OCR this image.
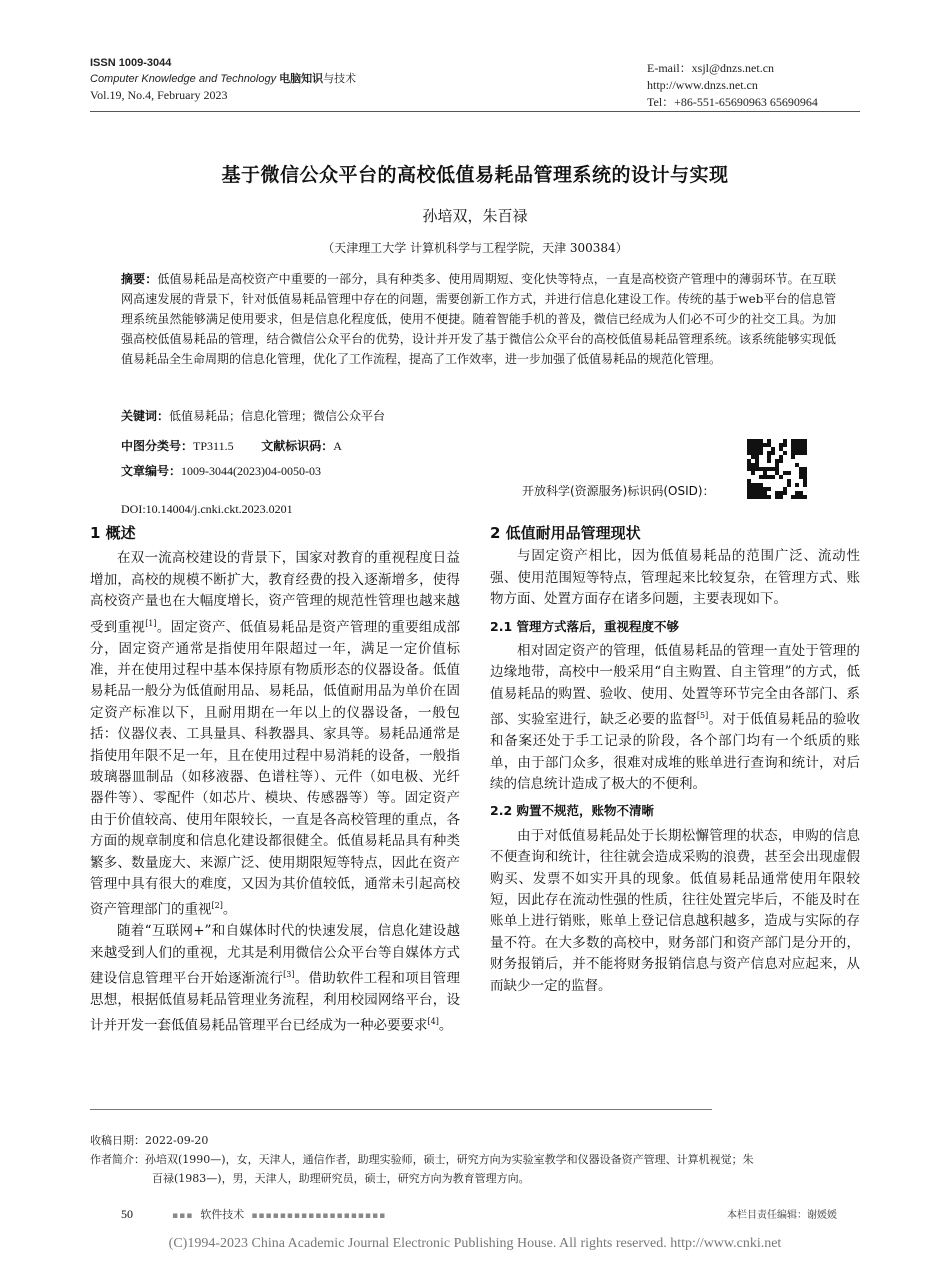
ISSN 1009-3044
Computer Knowledge and Technology 电脑知识与技术
Vol.19, No.4, February 2023
E-mail：xsjl@dnzs.net.cn
http://www.dnzs.net.cn
Tel：+86-551-65690963 65690964
基于微信公众平台的高校低值易耗品管理系统的设计与实现
孙培双，朱百禄
（天津理工大学 计算机科学与工程学院，天津 300384）
摘要：低值易耗品是高校资产中重要的一部分，具有种类多、使用周期短、变化快等特点，一直是高校资产管理中的薄弱环节。在互联网高速发展的背景下，针对低值易耗品管理中存在的问题，需要创新工作方式，并进行信息化建设工作。传统的基于web平台的信息管理系统虽然能够满足使用要求，但是信息化程度低，使用不便捷。随着智能手机的普及，微信已经成为人们必不可少的社交工具。为加强高校低值易耗品的管理，结合微信公众平台的优势，设计并开发了基于微信公众平台的高校低值易耗品管理系统。该系统能够实现低值易耗品全生命周期的信息化管理，优化了工作流程，提高了工作效率，进一步加强了低值易耗品的规范化管理。
关键词：低值易耗品；信息化管理；微信公众平台
中图分类号：TP311.5 文献标识码：A
文章编号：1009-3044(2023)04-0050-03
开放科学(资源服务)标识码(OSID)：
DOI:10.14004/j.cnki.ckt.2023.0201
1 概述

在双一流高校建设的背景下，国家对教育的重视程度日益增加，高校的规模不断扩大，教育经费的投入逐渐增多，使得高校资产量也在大幅度增长，资产管理的规范性管理也越来越受到重视[1]。固定资产、低值易耗品是资产管理的重要组成部分，固定资产通常是指使用年限超过一年，满足一定价值标准，并在使用过程中基本保持原有物质形态的仪器设备。低值易耗品一般分为低值耐用品、易耗品，低值耐用品为单价在固定资产标准以下，且耐用期在一年以上的仪器设备，一般包括：仪器仪表、工具量具、科教器具、家具等。易耗品通常是指使用年限不足一年，且在使用过程中易消耗的设备，一般指玻璃器皿制品（如移液器、色谱柱等）、元件（如电极、光纤器件等）、零配件（如芯片、模块、传感器等）等。固定资产由于价值较高、使用年限较长，一直是各高校管理的重点，各方面的规章制度和信息化建设都很健全。低值易耗品具有种类繁多、数量庞大、来源广泛、使用期限短等特点，因此在资产管理中具有很大的难度，又因为其价值较低，通常未引起高校资产管理部门的重视[2]。

随着“互联网+”和自媒体时代的快速发展，信息化建设越来越受到人们的重视，尤其是利用微信公众平台等自媒体方式建设信息管理平台开始逐渐流行[3]。借助软件工程和项目管理思想，根据低值易耗品管理业务流程，利用校园网络平台，设计并开发一套低值易耗品管理平台已经成为一种必要要求[4]。

2 低值耐用品管理现状

与固定资产相比，因为低值易耗品的范围广泛、流动性强、使用范围短等特点，管理起来比较复杂，在管理方式、账物方面、处置方面存在诸多问题，主要表现如下。

2.1 管理方式落后，重视程度不够

相对固定资产的管理，低值易耗品的管理一直处于管理的边缘地带，高校中一般采用“自主购置、自主管理”的方式，低值易耗品的购置、验收、使用、处置等环节完全由各部门、系部、实验室进行，缺乏必要的监督[5]。对于低值易耗品的验收和备案还处于手工记录的阶段，各个部门均有一个纸质的账单，由于部门众多，很难对成堆的账单进行查询和统计，对后续的信息统计造成了极大的不便利。

2.2 购置不规范，账物不清晰

由于对低值易耗品处于长期松懈管理的状态，申购的信息不便查询和统计，往往就会造成采购的浪费，甚至会出现虚假购买、发票不如实开具的现象。低值易耗品通常使用年限较短，因此存在流动性强的性质，往往处置完毕后，不能及时在账单上进行销账，账单上登记信息越积越多，造成与实际的存量不符。在大多数的高校中，财务部门和资产部门是分开的，财务报销后，并不能将财务报销信息与资产信息对应起来，从而缺少一定的监督。

收稿日期：2022-09-20
作者简介：孙培双(1990—)，女，天津人，通信作者，助理实验师，硕士，研究方向为实验室教学和仪器设备资产管理、计算机视觉；朱
百禄(1983—)，男，天津人，助理研究员，硕士，研究方向为教育管理方向。
50	▪▪▪ 软件技术 ▪▪▪▪▪▪▪▪▪▪▪▪▪▪▪▪▪▪▪	本栏目责任编辑：谢媛媛
(C)1994-2023 China Academic Journal Electronic Publishing House. All rights reserved. http://www.cnki.net
